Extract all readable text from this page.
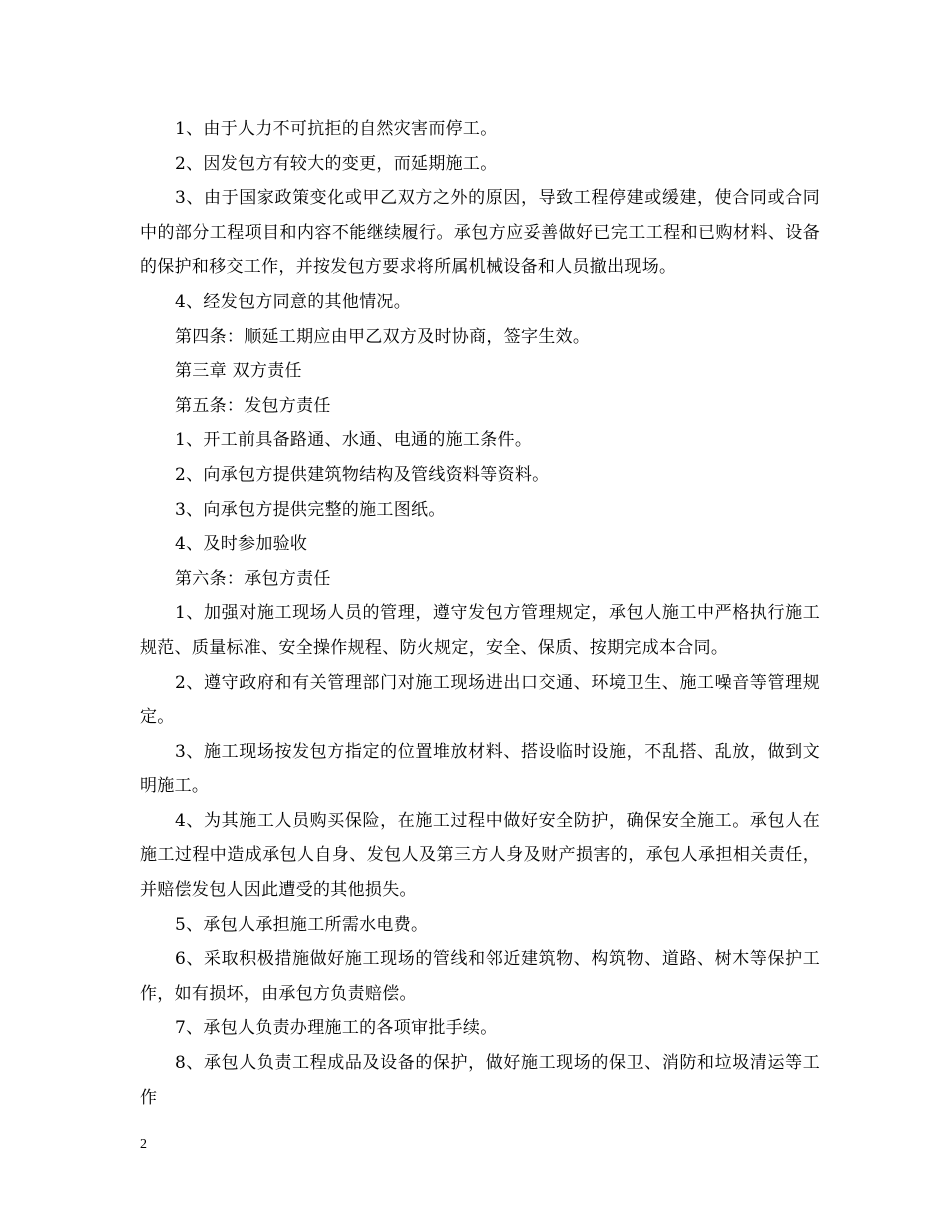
1、由于人力不可抗拒的自然灾害而停工。

2、因发包方有较大的变更，而延期施工。

3、由于国家政策变化或甲乙双方之外的原因，导致工程停建或缓建，使合同或合同中的部分工程项目和内容不能继续履行。承包方应妥善做好已完工工程和已购材料、设备的保护和移交工作，并按发包方要求将所属机械设备和人员撤出现场。

4、经发包方同意的其他情况。

第四条：顺延工期应由甲乙双方及时协商，签字生效。

第三章 双方责任

第五条：发包方责任

1、开工前具备路通、水通、电通的施工条件。

2、向承包方提供建筑物结构及管线资料等资料。

3、向承包方提供完整的施工图纸。

4、及时参加验收

第六条：承包方责任

1、加强对施工现场人员的管理，遵守发包方管理规定，承包人施工中严格执行施工规范、质量标准、安全操作规程、防火规定，安全、保质、按期完成本合同。

2、遵守政府和有关管理部门对施工现场进出口交通、环境卫生、施工噪音等管理规定。

3、施工现场按发包方指定的位置堆放材料、搭设临时设施，不乱搭、乱放，做到文明施工。

4、为其施工人员购买保险，在施工过程中做好安全防护，确保安全施工。承包人在施工过程中造成承包人自身、发包人及第三方人身及财产损害的，承包人承担相关责任，并赔偿发包人因此遭受的其他损失。

5、承包人承担施工所需水电费。

6、采取积极措施做好施工现场的管线和邻近建筑物、构筑物、道路、树木等保护工作，如有损坏，由承包方负责赔偿。

7、承包人负责办理施工的各项审批手续。

8、承包人负责工程成品及设备的保护，做好施工现场的保卫、消防和垃圾清运等工作

2
